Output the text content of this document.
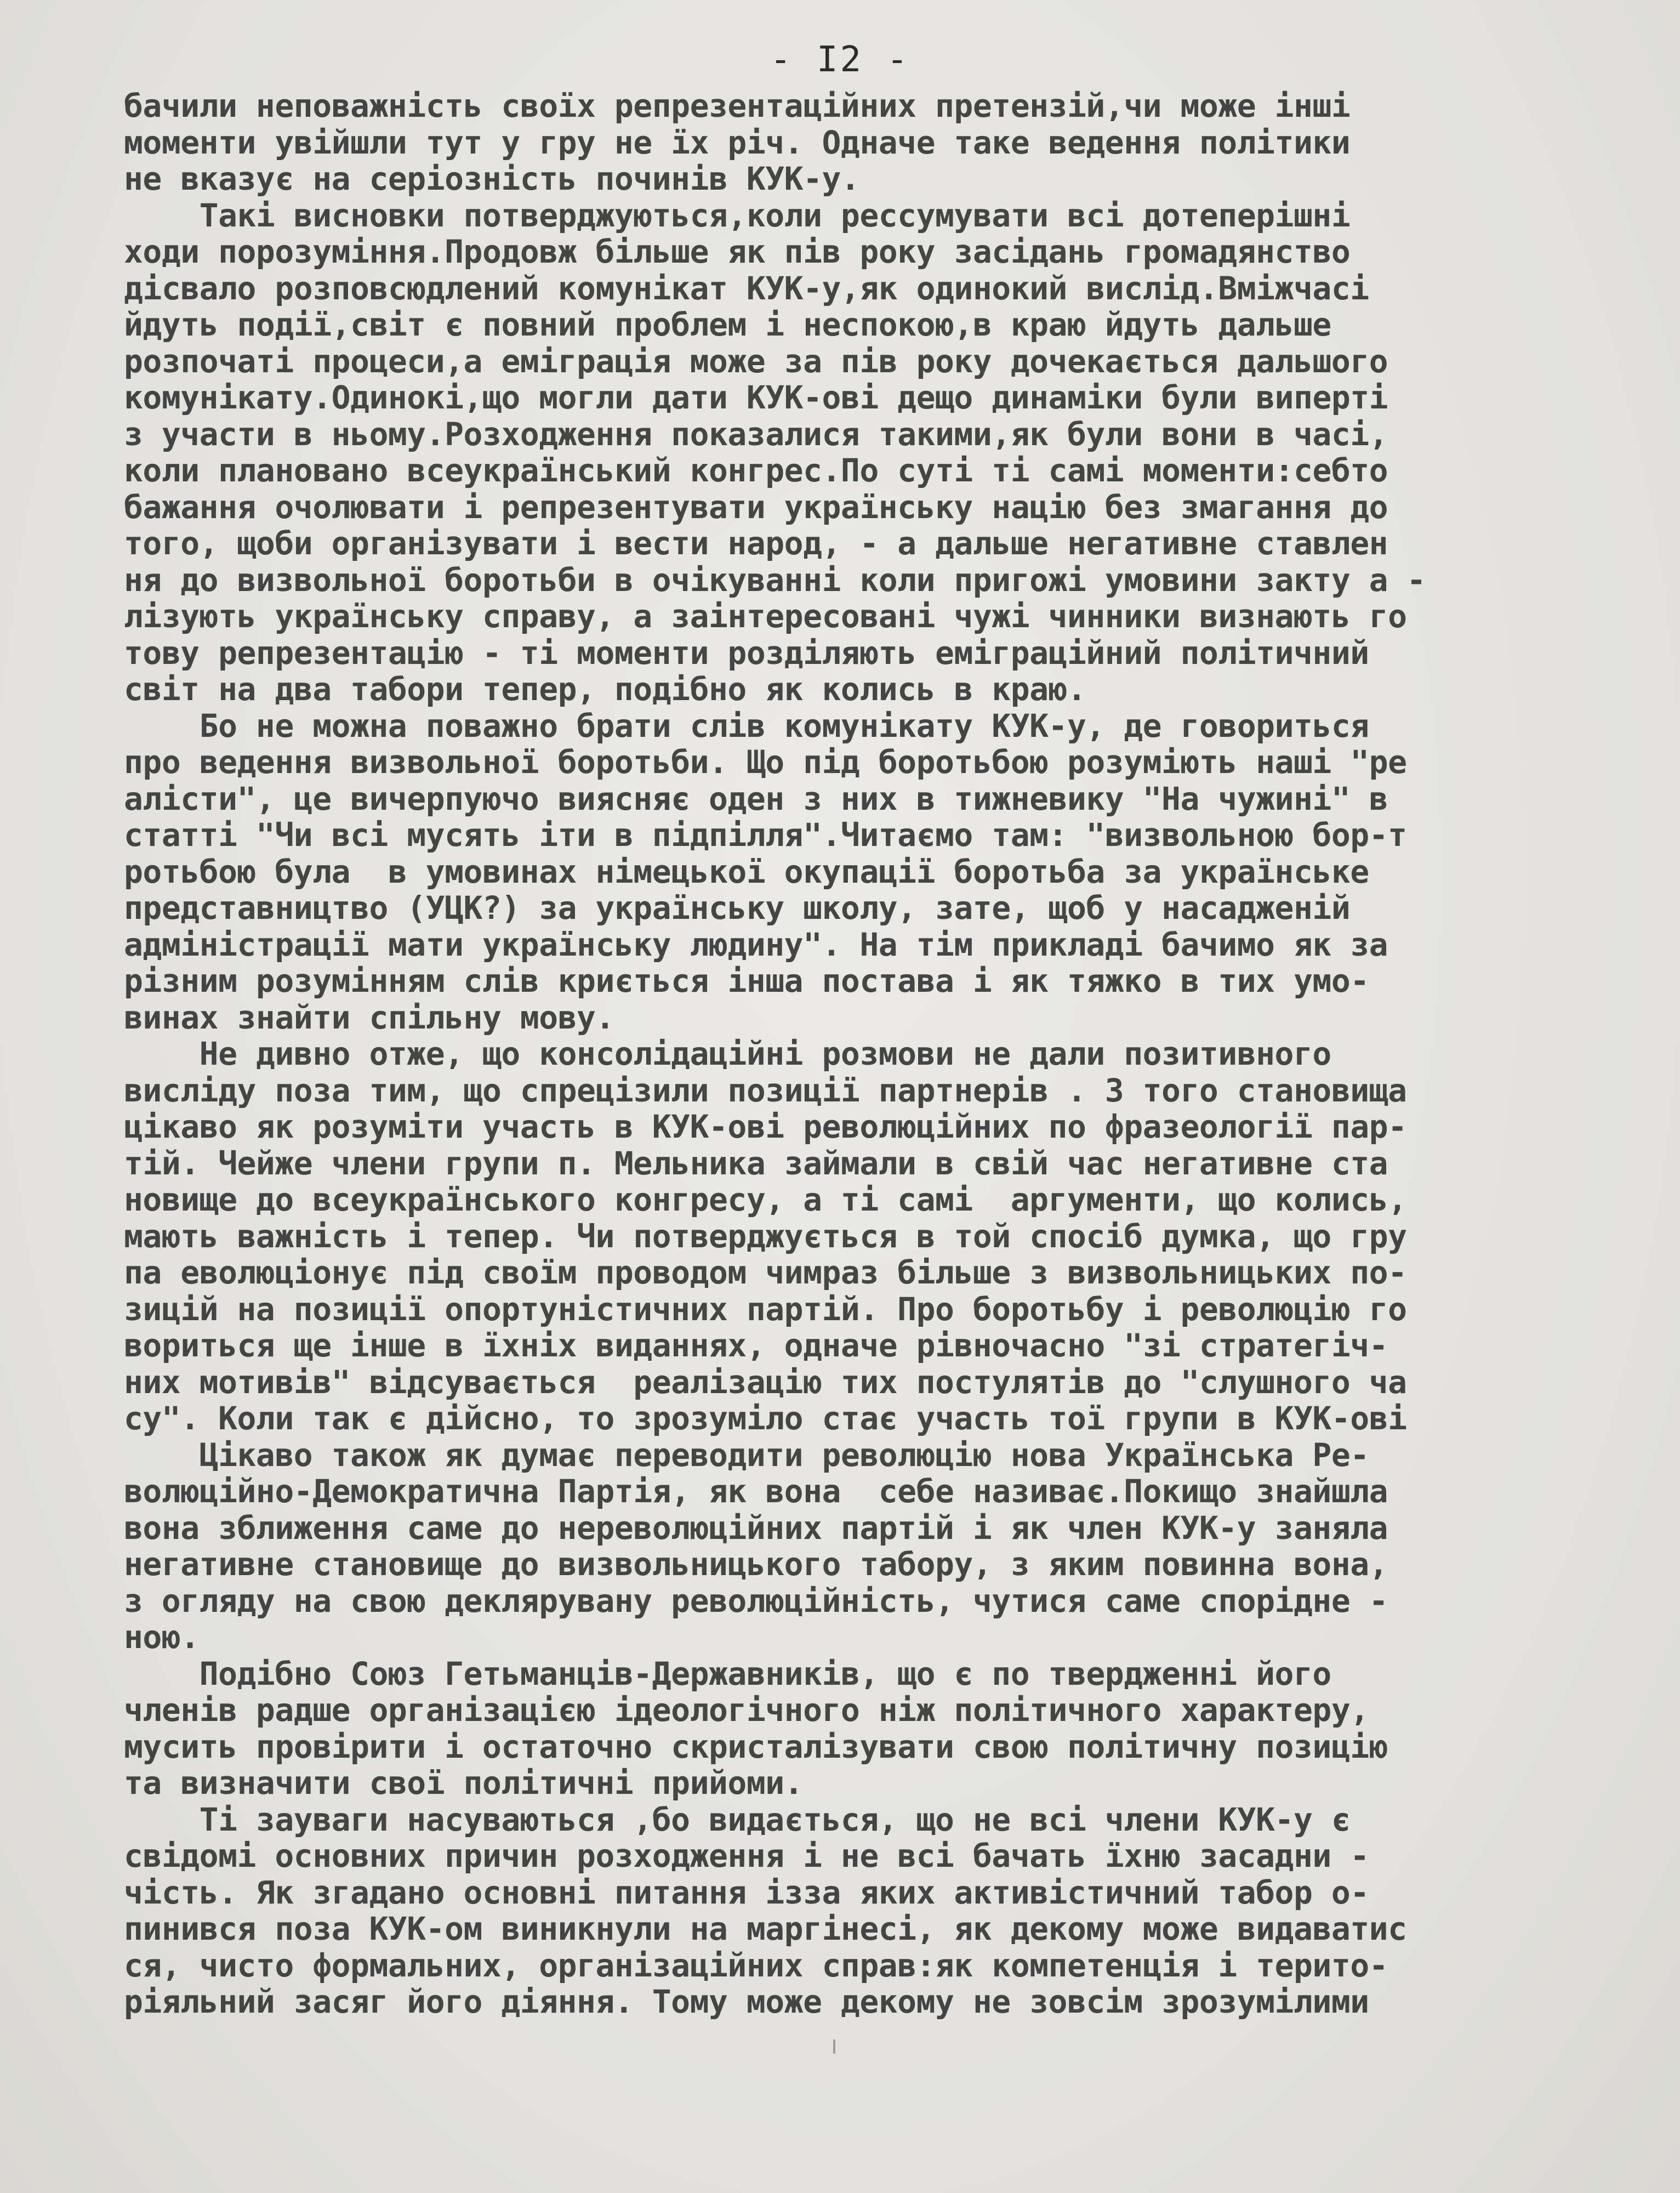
- I2 -
бачили неповажність своїх репрезентаційних претензій,чи може інші
моменти увійшли тут у гру не їх річ. Одначе таке ведення політики
не вказує на серіозність починів КУК-у.
Такі висновки потверджуються,коли рессумувати всі дотеперішні
ходи порозуміння.Продовж більше як пів року засідань громадянство
дісвало розповсюдлений комунікат КУК-у,як одинокий вислід.Вміжчасі
йдуть події,світ є повний проблем і неспокою,в краю йдуть дальше
розпочаті процеси,а еміграція може за пів року дочекається дальшого
комунікату.Одинокі,що могли дати КУК-ові дещо динаміки були виперті
з участи в ньому.Розходження показалися такими,як були вони в часі,
коли плановано всеукраїнський конгрес.По суті ті самі моменти:себто
бажання очолювати і репрезентувати українську націю без змагання до
того, щоби організувати і вести народ, - а дальше негативне ставлен
ня до визвольної боротьби в очікуванні коли пригожі умовини закту а -
лізують українську справу, а заінтересовані чужі чинники визнають го
тову репрезентацію - ті моменти розділяють еміграційний політичний
світ на два табори тепер, подібно як колись в краю.
Бо не можна поважно брати слів комунікату КУК-у, де говориться
про ведення визвольної боротьби. Що під боротьбою розуміють наші "ре
алісти", це вичерпуючо виясняє оден з них в тижневику "На чужині" в
статті "Чи всі мусять іти в підпілля".Читаємо там: "визвольною бор-т
ротьбою була  в умовинах німецької окупації боротьба за українське
представництво (УЦК?) за українську школу, зате, щоб у насадженій
адміністрації мати українську людину". На тім прикладі бачимо як за
різним розумінням слів криється інша постава і як тяжко в тих умо-
винах знайти спільну мову.
Не дивно отже, що консолідаційні розмови не дали позитивного
висліду поза тим, що спрецізили позиції партнерів . З того становища
цікаво як розуміти участь в КУК-ові революційних по фразеології пар-
тій. Чейже члени групи п. Мельника займали в свій час негативне ста
новище до всеукраїнського конгресу, а ті самі  аргументи, що колись,
мають важність і тепер. Чи потверджується в той спосіб думка, що гру
па еволюціонує під своїм проводом чимраз більше з визвольницьких по-
зицій на позиції опортуністичних партій. Про боротьбу і революцію го
вориться ще інше в їхніх виданнях, одначе рівночасно "зі стратегіч-
них мотивів" відсувається  реалізацію тих постулятів до "слушного ча
су". Коли так є дійсно, то зрозуміло стає участь тої групи в КУК-ові
Цікаво також як думає переводити революцію нова Українська Ре-
волюційно-Демократична Партія, як вона  себе називає.Покищо знайшла
вона зближення саме до нереволюційних партій і як член КУК-у заняла
негативне становище до визвольницького табору, з яким повинна вона,
з огляду на свою деклярувану революційність, чутися саме споріднe -
ною.
Подібно Союз Гетьманців-Державників, що є по твердженні його
членів радше організацією ідеологічного ніж політичного характеру,
мусить провірити і остаточно скристалізувати свою політичну позицію
та визначити свої політичні прийоми.
Ті зауваги насуваються ,бо видається, що не всі члени КУК-у є
свідомі основних причин розходження і не всі бачать їхню засадни -
чість. Як згадано основні питання ізза яких активістичний табор о-
пинився поза КУК-ом виникнули на маргінесі, як декому може видаватис
ся, чисто формальних, організаційних справ:як компетенція і терито-
ріяльний засяг його діяння. Тому може декому не зовсім зрозумілими
